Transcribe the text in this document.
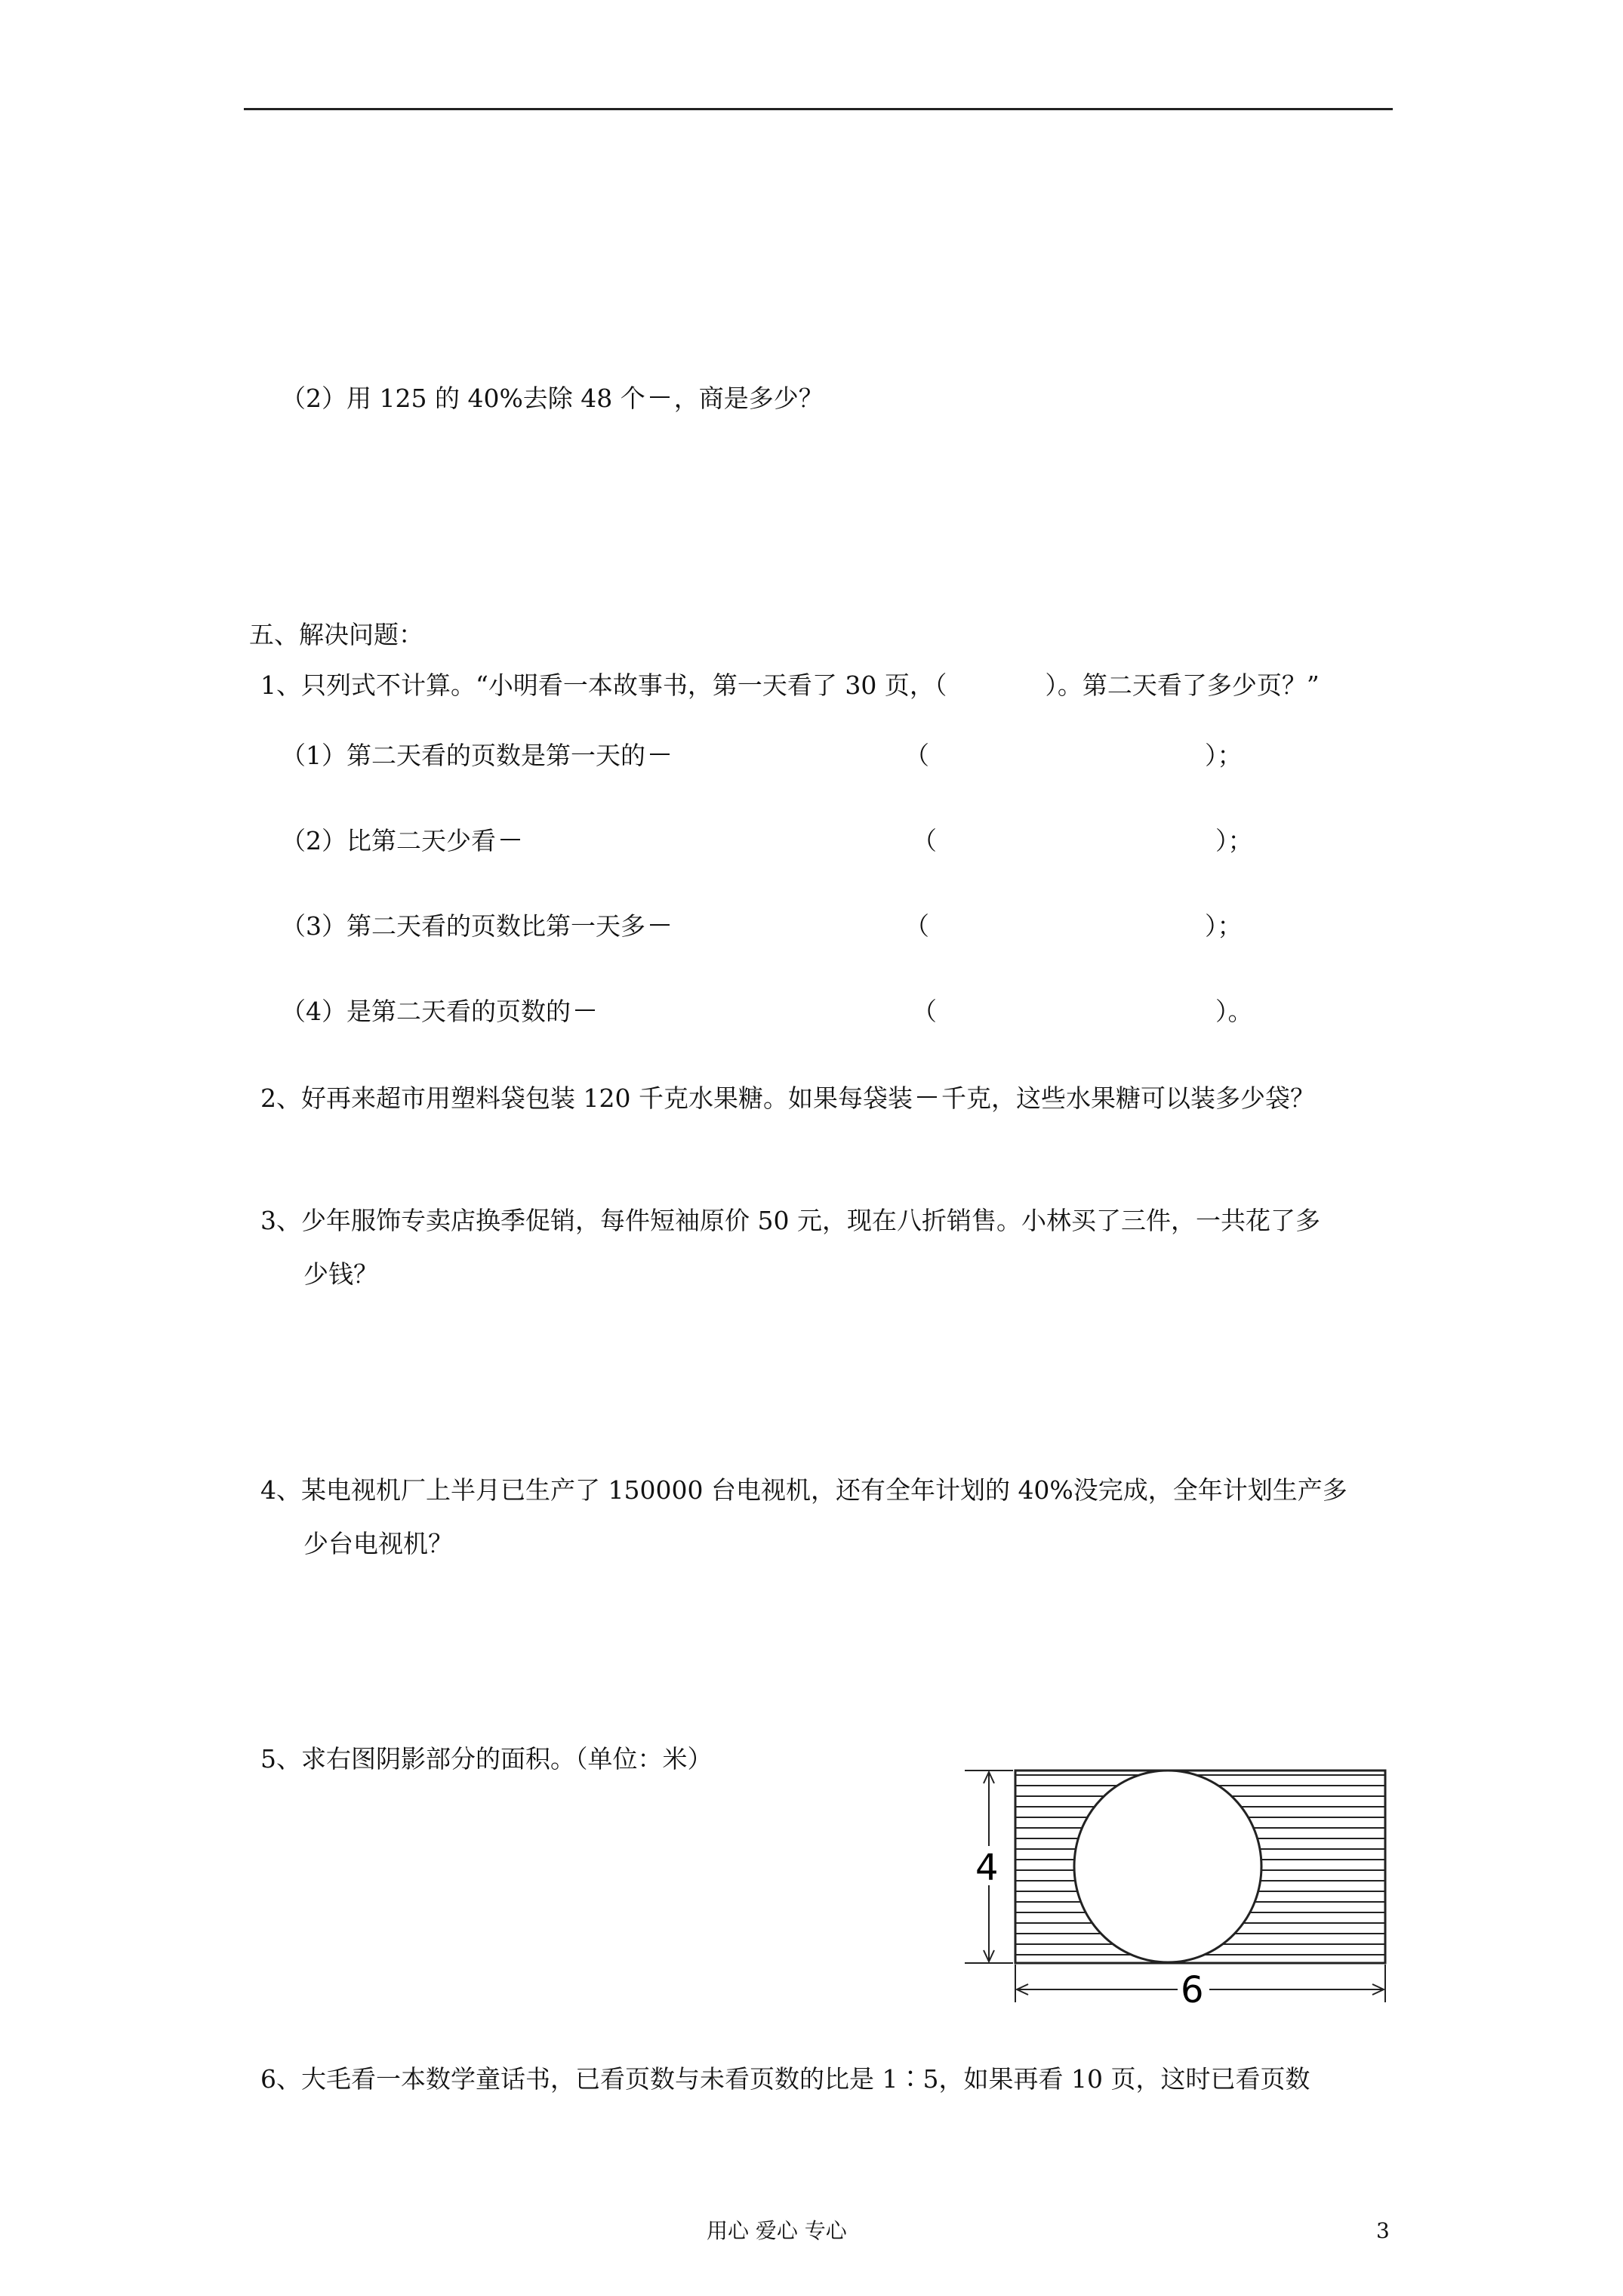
（2）用 125 的 40%去除 48 个 ，商是多少？
五、解决问题：
1、只列式不计算。“小明看一本故事书，第一天看了 30 页，（	）。第二天看了多少页？”
（1）第二天看的页数是第一天的	（	）；
（2）比第二天少看	（	）；
（3）第二天看的页数比第一天多	（	）；
（4）是第二天看的页数的	（	）。
2、好再来超市用塑料袋包装 120 千克水果糖。如果每袋装 千克，这些水果糖可以装多少袋？
3、少年服饰专卖店换季促销，每件短袖原价 50 元，现在八折销售。小林买了三件，一共花了多
少钱？
4、某电视机厂上半月已生产了 150000 台电视机，还有全年计划的 40%没完成，全年计划生产多
少台电视机？
5、求右图阴影部分的面积。（单位：米）
4
6
6、大毛看一本数学童话书，已看页数与未看页数的比是 1∶5，如果再看 10 页，这时已看页数
用心 爱心 专心	3
